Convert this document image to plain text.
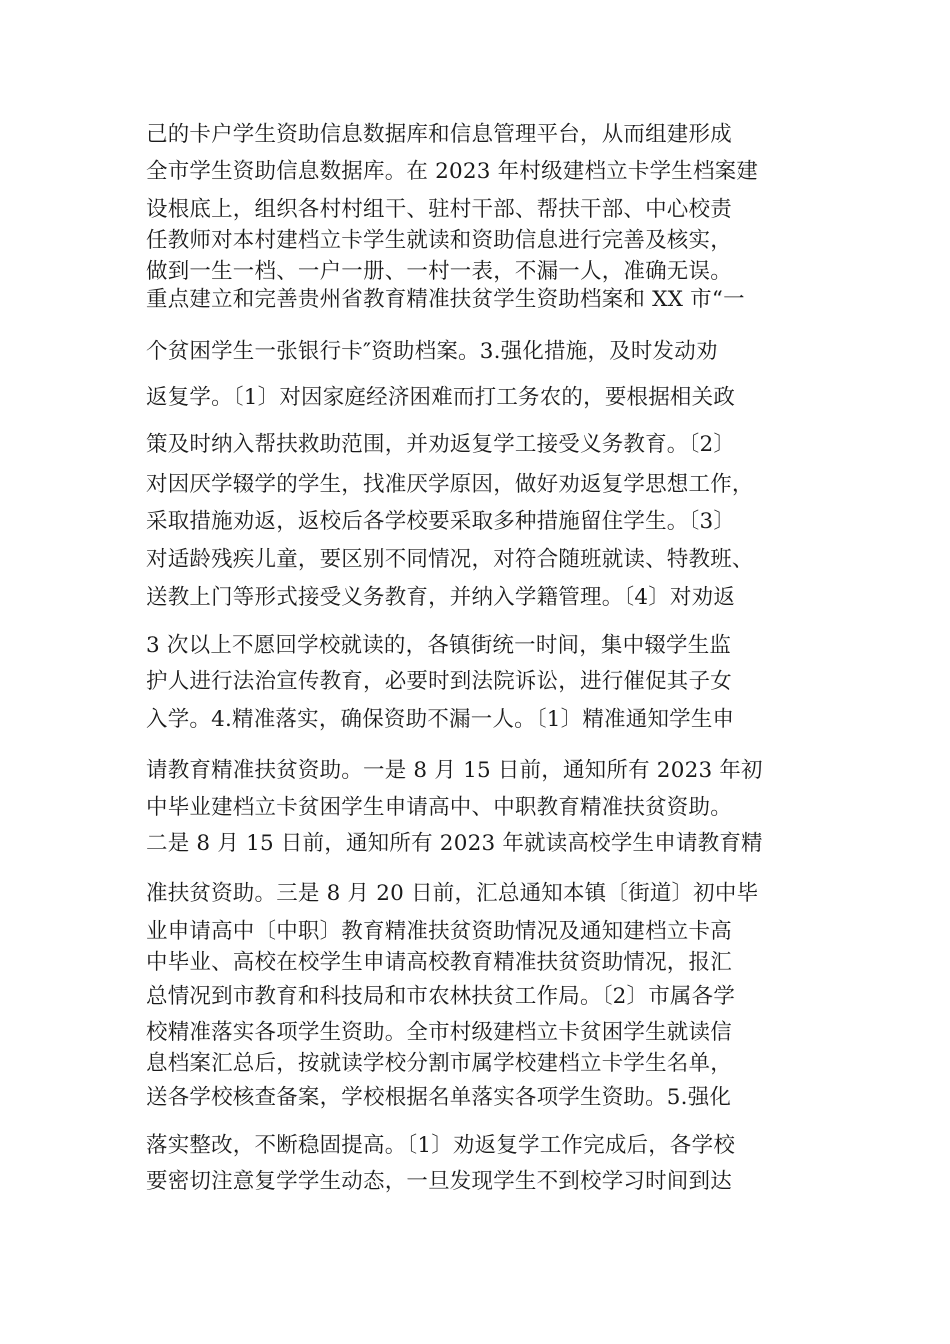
己的卡户学生资助信息数据库和信息管理平台，从而组建形成
全市学生资助信息数据库。在 2023 年村级建档立卡学生档案建
设根底上，组织各村村组干、驻村干部、帮扶干部、中心校责
任教师对本村建档立卡学生就读和资助信息进行完善及核实，
做到一生一档、一户一册、一村一表，不漏一人，准确无误。
重点建立和完善贵州省教育精准扶贫学生资助档案和 XX 市“一
个贫困学生一张银行卡″资助档案。3.强化措施，及时发动劝
返复学。〔1〕对因家庭经济困难而打工务农的，要根据相关政
策及时纳入帮扶救助范围，并劝返复学工接受义务教育。〔2〕
对因厌学辍学的学生，找准厌学原因，做好劝返复学思想工作，
采取措施劝返，返校后各学校要采取多种措施留住学生。〔3〕
对适龄残疾儿童，要区别不同情况，对符合随班就读、特教班、
送教上门等形式接受义务教育，并纳入学籍管理。〔4〕对劝返
3 次以上不愿回学校就读的，各镇街统一时间，集中辍学生监
护人进行法治宣传教育，必要时到法院诉讼，进行催促其子女
入学。4.精准落实，确保资助不漏一人。〔1〕精准通知学生申
请教育精准扶贫资助。一是 8 月 15 日前，通知所有 2023 年初
中毕业建档立卡贫困学生申请高中、中职教育精准扶贫资助。
二是 8 月 15 日前，通知所有 2023 年就读高校学生申请教育精
准扶贫资助。三是 8 月 20 日前，汇总通知本镇〔街道〕初中毕
业申请高中〔中职〕教育精准扶贫资助情况及通知建档立卡高
中毕业、高校在校学生申请高校教育精准扶贫资助情况，报汇
总情况到市教育和科技局和市农林扶贫工作局。〔2〕市属各学
校精准落实各项学生资助。全市村级建档立卡贫困学生就读信
息档案汇总后，按就读学校分割市属学校建档立卡学生名单，
送各学校核查备案，学校根据名单落实各项学生资助。5.强化
落实整改，不断稳固提高。〔1〕劝返复学工作完成后，各学校
要密切注意复学学生动态，一旦发现学生不到校学习时间到达
